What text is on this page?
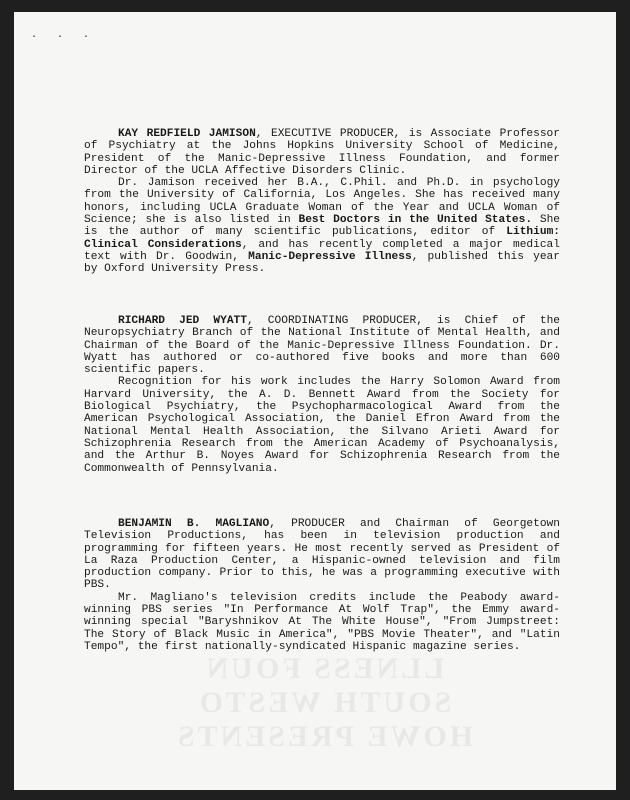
· · ·
LLNESS FOUN
SOUTH WESTO
HOWE PRESENTS

KAY REDFIELD JAMISON, EXECUTIVE PRODUCER, is Associate Professor of Psychiatry at the Johns Hopkins University School of Medicine, President of the Manic-Depressive Illness Foundation, and former Director of the UCLA Affective Disorders Clinic.

Dr. Jamison received her B.A., C.Phil. and Ph.D. in psychology from the University of California, Los Angeles. She has received many honors, including UCLA Graduate Woman of the Year and UCLA Woman of Science; she is also listed in Best Doctors in the United States. She is the author of many scientific publications, editor of Lithium: Clinical Considerations, and has recently completed a major medical text with Dr. Goodwin, Manic-Depressive Illness, published this year by Oxford University Press.

RICHARD JED WYATT, COORDINATING PRODUCER, is Chief of the Neuropsychiatry Branch of the National Institute of Mental Health, and Chairman of the Board of the Manic-Depressive Illness Foundation. Dr. Wyatt has authored or co-authored five books and more than 600 scientific papers.

Recognition for his work includes the Harry Solomon Award from Harvard University, the A. D. Bennett Award from the Society for Biological Psychiatry, the Psychopharmacological Award from the American Psychological Association, the Daniel Efron Award from the National Mental Health Association, the Silvano Arieti Award for Schizophrenia Research from the American Academy of Psychoanalysis, and the Arthur B. Noyes Award for Schizophrenia Research from the Commonwealth of Pennsylvania.

BENJAMIN B. MAGLIANO, PRODUCER and Chairman of Georgetown Television Productions, has been in television production and programming for fifteen years. He most recently served as President of La Raza Production Center, a Hispanic-owned television and film production company. Prior to this, he was a programming executive with PBS.

Mr. Magliano's television credits include the Peabody award-winning PBS series "In Performance At Wolf Trap", the Emmy award-winning special "Baryshnikov At The White House", "From Jumpstreet: The Story of Black Music in America", "PBS Movie Theater", and "Latin Tempo", the first nationally-syndicated Hispanic magazine series.
